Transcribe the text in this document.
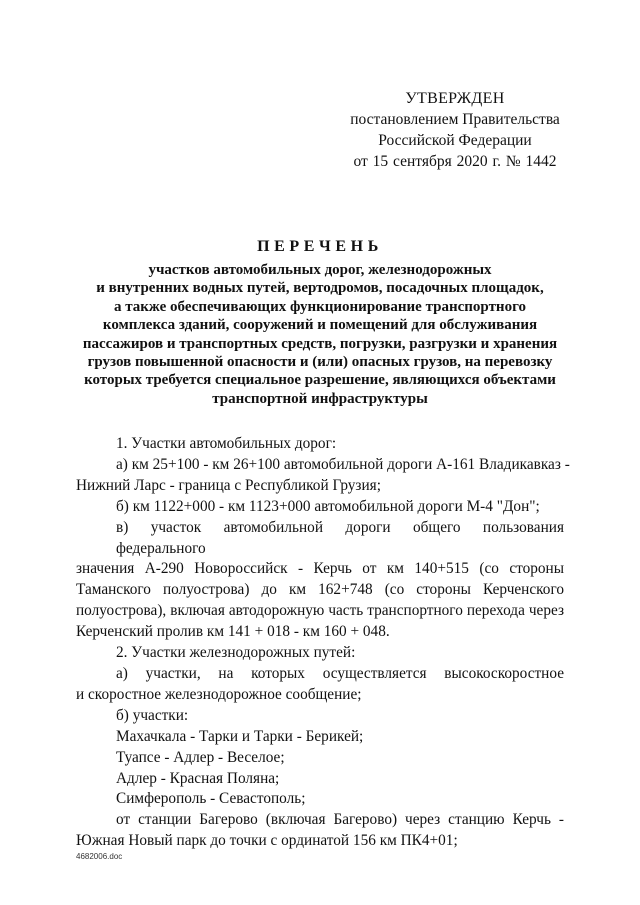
УТВЕРЖДЕН
постановлением Правительства
Российской Федерации
от 15 сентября 2020 г. № 1442
ПЕРЕЧЕНЬ
участков автомобильных дорог, железнодорожных
и внутренних водных путей, вертодромов, посадочных площадок,
а также обеспечивающих функционирование транспортного
комплекса зданий, сооружений и помещений для обслуживания
пассажиров и транспортных средств, погрузки, разгрузки и хранения
грузов повышенной опасности и (или) опасных грузов, на перевозку
которых требуется специальное разрешение, являющихся объектами
транспортной инфраструктуры
1. Участки автомобильных дорог:
а) км 25+100 - км 26+100 автомобильной дороги А-161 Владикавказ -
Нижний Ларс - граница с Республикой Грузия;
б) км 1122+000 - км 1123+000 автомобильной дороги М-4 "Дон";
в) участок автомобильной дороги общего пользования федерального
значения А-290 Новороссийск - Керчь от км 140+515 (со стороны
Таманского полуострова) до км 162+748 (со стороны Керченского
полуострова), включая автодорожную часть транспортного перехода через
Керченский пролив км 141 + 018 - км 160 + 048.
2. Участки железнодорожных путей:
а) участки, на которых осуществляется высокоскоростное
и скоростное железнодорожное сообщение;
б) участки:
Махачкала - Тарки и Тарки - Берикей;
Туапсе - Адлер - Веселое;
Адлер - Красная Поляна;
Симферополь - Севастополь;
от станции Багерово (включая Багерово) через станцию Керчь -
Южная Новый парк до точки с ординатой 156 км ПК4+01;
4682006.doc
